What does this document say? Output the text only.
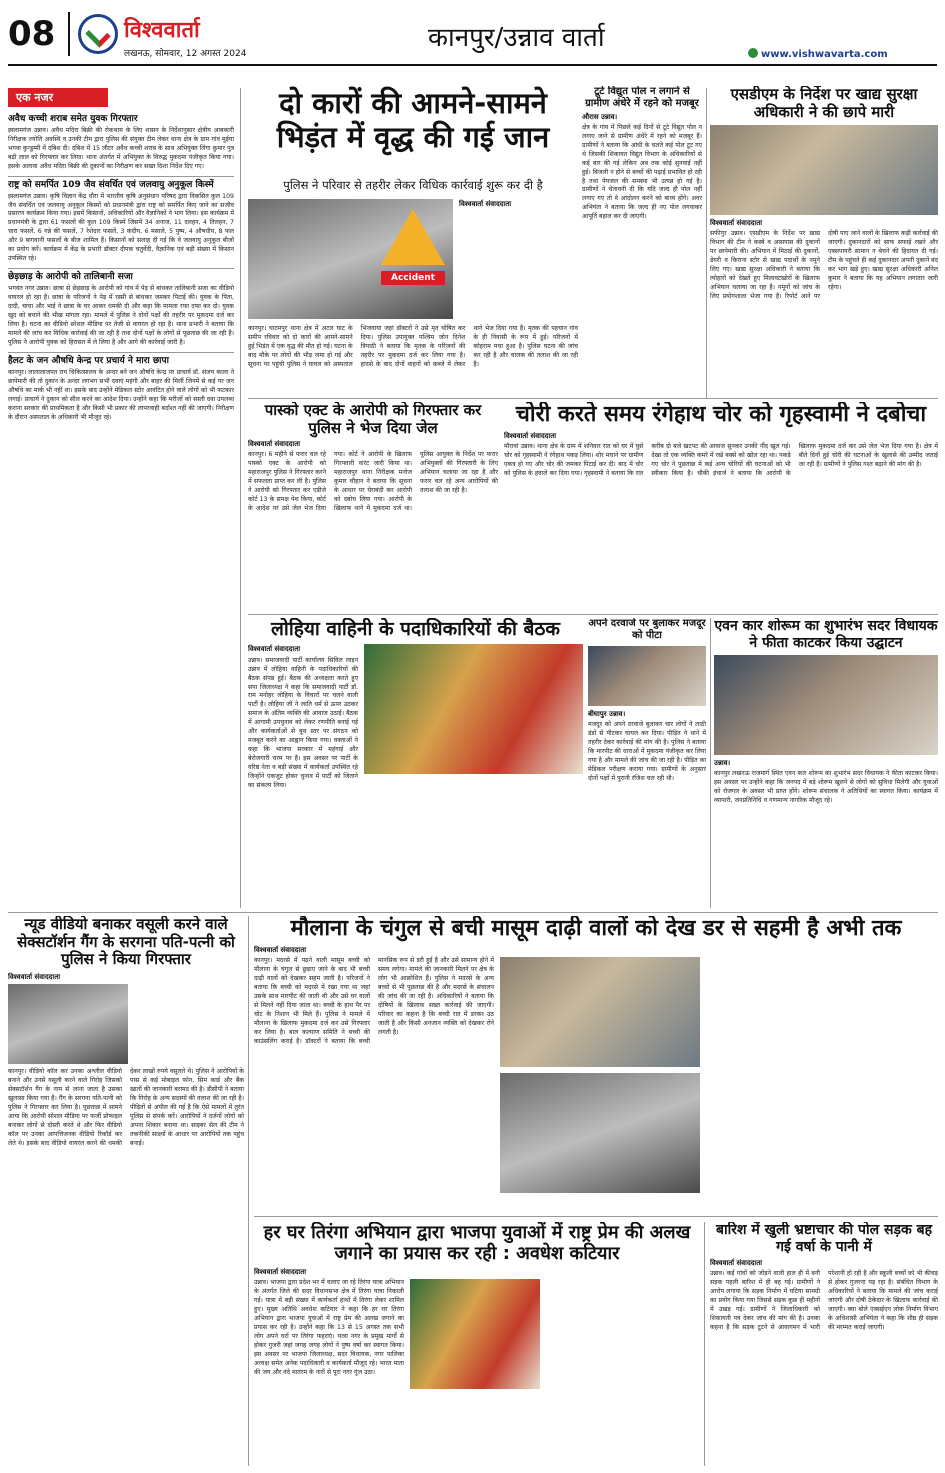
08	विश्ववार्ता
लखनऊ, सोमवार, 12 अगस्त 2024
कानपुर/उन्नाव वार्ता
www.vishwavarta.com
एक नजर
अवैध कच्ची शराब समेत युवक गिरफ्तार
इस्लामगंज उन्नाव। अवैध मदिरा बिक्री की रोकथाम के लिए शासन के निर्देशानुसार क्षेत्रीय आबकारी निरीक्षक ज्योति अवस्थि व उनकी टीम द्वारा पुलिस की संयुक्त टीम लेकर थाना क्षेत्र के ग्राम गांव मुईया भगवा कुन्डुम्मी में दबिश दी। दबिश में 15 लीटर अवैध कच्ची शराब के साथ अभियुक्त लिंगा कुमार पुत्र बद्री लाल को गिरफ्तार कर लिया। थाना अंतर्गत में अभियुक्त के विरुद्ध मुकदमा पंजीकृत किया गया। इसके अलावा अवैध मदिरा बिक्री की दुकानों का निरीक्षण कर सख्त दिशा निर्देश दिए गए।
राष्ट्र को समर्पित 109 जैव संवर्धित एवं जलवायु अनुकूल किस्में
इस्लामगंज उन्नाव। कृषि विज्ञान केंद्र धौरा में भारतीय कृषि अनुसंधान परिषद द्वारा विकसित कुल 109 जैव संवर्धित एवं जलवायु अनुकूल किस्मों को प्रधानमंत्री द्वारा राष्ट्र को समर्पित किए जाने का सजीव प्रसारण कार्यक्रम किया गया। इसमें किसानों, अधिकारियों और वैज्ञानिकों ने भाग लिया। इस कार्यक्रम में प्रधानमंत्री के द्वारा 61 फसलों की कुल 109 किस्में जिसमें 34 अनाज, 11 दलहन, 4 तिलहन, 7 चारा फसलें, 6 गन्ने की फसलें, 7 रेशेदार फसलें, 3 कंदीय, 6 मसाले, 5 पुष्प, 4 औषधीय, 8 फल और 9 बागवानी फसलों के बीज शामिल हैं। किसानों को सलाह दी गई कि वे जलवायु अनुकूल बीजों का प्रयोग करें। कार्यक्रम में केंद्र के प्रभारी डॉक्टर दीपक चतुर्वेदी, वैज्ञानिक एवं बड़ी संख्या में किसान उपस्थित रहे।
छेड़छाड़ के आरोपी को तालिबानी सजा
भगवंत नगर उन्नाव। छात्रा से छेड़छाड़ के आरोपी को गांव में पेड़ से बांधकर तालिबानी सजा का वीडियो वायरल हो रहा है। छात्रा के परिजनों ने पेड़ में रस्सी से बांधकर जमकर पिटाई की। युवक के पिता, दादी, चाचा और भाई ने छात्रा के घर आकर धमकी दी और कहा कि मामला रफा दफा कर दो। युवक खुद को बचाने की भीख मांगता रहा। मामले में पुलिस ने दोनों पक्षों की तहरीर पर मुकदमा दर्ज कर लिया है। घटना का वीडियो सोशल मीडिया पर तेजी से वायरल हो रहा है। थाना प्रभारी ने बताया कि मामले की जांच कर विधिक कार्रवाई की जा रही है तथा दोनों पक्षों के लोगों से पूछताछ की जा रही है। पुलिस ने आरोपी युवक को हिरासत में ले लिया है और आगे की कार्रवाई जारी है।
हैलट के जन औषधि केन्द्र पर प्रचार्य ने मारा छापा
कानपुर। लालालाजपत राय चिकित्सालय के अन्दर बने जन औषधि केन्द्र पर प्राचार्य डॉ. संजय काला ने छापेमारी की तो दुकान के अन्दर लगभग सभी दवाएं महंगी और बाहर की मिलीं जिनमें से कई पर जन औषधि का मार्क भी नहीं था। इसके बाद उन्होंने मेडिकल स्टोर आवंटित होने वाले लोगों को भी फटकार लगाई। प्राचार्य ने दुकान को सील करने का आदेश दिया। उन्होंने कहा कि मरीजों को सस्ती दवा उपलब्ध कराना सरकार की प्राथमिकता है और किसी भी प्रकार की लापरवाही बर्दाश्त नहीं की जाएगी। निरीक्षण के दौरान अस्पताल के अधिकारी भी मौजूद रहे।
दो कारों की आमने-सामने भिड़ंत में वृद्ध की गई जान
पुलिस ने परिवार से तहरीर लेकर विधिक कार्रवाई शुरू कर दी है
Accident
विश्ववार्ता संवाददाता
कानपुर। घाटमपुर थाना क्षेत्र में अटल घाट के समीप रविवार को दो कारों की आमने-सामने हुई भिड़ंत में एक वृद्ध की मौत हो गई। घटना के बाद मौके पर लोगों की भीड़ जमा हो गई और सूचना पर पहुंची पुलिस ने घायल को अस्पताल भिजवाया जहां डॉक्टरों ने उसे मृत घोषित कर दिया। पुलिस उपायुक्त पश्चिम जोन दिनेश त्रिपाठी ने बताया कि मृतक के परिजनों की तहरीर पर मुकदमा दर्ज कर लिया गया है। हादसे के बाद दोनों वाहनों को कब्जे में लेकर थाने भेज दिया गया है। मृतक की पहचान गांव के ही निवासी के रूप में हुई। परिजनों में कोहराम मचा हुआ है। पुलिस घटना की जांच कर रही है और चालक की तलाश की जा रही है।
टूटे विद्युत पोल न लगाने से ग्रामीण अंधेरे में रहने को मजबूर
औरास उन्नाव।
क्षेत्र के गांव में पिछले कई दिनों से टूटे विद्युत पोल न लगाए जाने से ग्रामीण अंधेरे में रहने को मजबूर हैं। ग्रामीणों ने बताया कि आंधी के चलते कई पोल टूट गए थे जिसकी शिकायत विद्युत विभाग के अधिकारियों से कई बार की गई लेकिन अब तक कोई सुनवाई नहीं हुई। बिजली न होने से बच्चों की पढ़ाई प्रभावित हो रही है तथा पेयजल की समस्या भी उत्पन्न हो गई है। ग्रामीणों ने चेतावनी दी कि यदि जल्द ही पोल नहीं लगाए गए तो वे आंदोलन करने को बाध्य होंगे। अवर अभियंता ने बताया कि जल्द ही नए पोल लगवाकर आपूर्ति बहाल कर दी जाएगी।
एसडीएम के निर्देश पर खाद्य सुरक्षा अधिकारी ने की छापे मारी
विश्ववार्ता संवाददाता
सफीपुर उन्नाव। एसडीएम के निर्देश पर खाद्य विभाग की टीम ने कस्बे व आसपास की दुकानों पर छापेमारी की। अभियान में मिठाई की दुकानों, डेयरी व किराना स्टोर से खाद्य पदार्थों के नमूने लिए गए। खाद्य सुरक्षा अधिकारी ने बताया कि त्योहारों को देखते हुए मिलावटखोरों के खिलाफ अभियान चलाया जा रहा है। नमूनों को जांच के लिए प्रयोगशाला भेजा गया है। रिपोर्ट आने पर दोषी पाए जाने वालों के खिलाफ कड़ी कार्रवाई की जाएगी। दुकानदारों को साफ सफाई रखने और एक्सपायरी सामान न बेचने की हिदायत दी गई। टीम के पहुंचते ही कई दुकानदार अपनी दुकानें बंद कर भाग खड़े हुए। खाद्य सुरक्षा अधिकारी अनिल कुमार ने बताया कि यह अभियान लगातार जारी रहेगा।
पास्को एक्ट के आरोपी को गिरफ्तार कर पुलिस ने भेज दिया जेल
विश्ववार्ता संवाददाता
कानपुर। 6 महीने से फरार चल रहे पास्को एक्ट के आरोपी को महाराजपुर पुलिस ने गिरफ्तार करने में सफलता प्राप्त कर ली है। पुलिस ने आरोपी को गिरफ्तार कर एडीजे कोर्ट 13 के समक्ष पेश किया, कोर्ट के आदेश पर उसे जेल भेज दिया गया। कोर्ट ने आरोपी के खिलाफ गिरफ्तारी वारंट जारी किया था। महाराजपुर थाना निरीक्षक मनोज कुमार चौहान ने बताया कि सूचना के आधार पर घेराबंदी कर आरोपी को दबोच लिया गया। आरोपी के खिलाफ थाने में मुकदमा दर्ज था। पुलिस आयुक्त के निर्देश पर फरार अभियुक्तों की गिरफ्तारी के लिए अभियान चलाया जा रहा है और फरार चल रहे अन्य आरोपियों की तलाश की जा रही है।
चोरी करते समय रंगेहाथ चोर को गृहस्वामी ने दबोचा
विश्ववार्ता संवाददाता
मौरावां उन्नाव। थाना क्षेत्र के ग्राम में शनिवार रात को घर में घुसे चोर को गृहस्वामी ने रंगेहाथ पकड़ लिया। शोर मचाने पर ग्रामीण एकत्र हो गए और चोर की जमकर पिटाई कर दी। बाद में चोर को पुलिस के हवाले कर दिया गया। गृहस्वामी ने बताया कि रात करीब दो बजे खटपट की आवाज सुनकर उनकी नींद खुल गई। देखा तो एक व्यक्ति कमरे में रखे बक्से को खोल रहा था। पकड़े गए चोर ने पूछताछ में कई अन्य चोरियों की घटनाओं को भी स्वीकार किया है। चौकी इंचार्ज ने बताया कि आरोपी के खिलाफ मुकदमा दर्ज कर उसे जेल भेज दिया गया है। क्षेत्र में बीते दिनों हुई चोरी की घटनाओं के खुलासे की उम्मीद जताई जा रही है। ग्रामीणों ने पुलिस गश्त बढ़ाने की मांग की है।
लोहिया वाहिनी के पदाधिकारियों की बैठक
विश्ववार्ता संवाददाता
उन्नाव। समाजवादी पार्टी कार्यालय सिविल लाइन उन्नाव में लोहिया वाहिनी के पदाधिकारियों की बैठक संपन्न हुई। बैठक की अध्यक्षता करते हुए सपा जिलाध्यक्ष ने कहा कि समाजवादी पार्टी डॉ. राम मनोहर लोहिया के विचारों पर चलने वाली पार्टी है। लोहिया जी ने जाति धर्म से ऊपर उठकर समाज के अंतिम व्यक्ति की आवाज उठाई। बैठक में आगामी उपचुनाव को लेकर रणनीति बनाई गई और कार्यकर्ताओं से बूथ स्तर पर संगठन को मजबूत करने का आह्वान किया गया। वक्ताओं ने कहा कि भाजपा सरकार में महंगाई और बेरोजगारी चरम पर है। इस अवसर पर पार्टी के वरिष्ठ नेता व बड़ी संख्या में कार्यकर्ता उपस्थित रहे जिन्होंने एकजुट होकर चुनाव में पार्टी को जिताने का संकल्प लिया।
अपने दरवाजे पर बुलाकर मजदूर को पीटा
बीघापुर उन्नाव।
मजदूर को अपने दरवाजे बुलाकर चार लोगों ने लाठी डंडों से पीटकर घायल कर दिया। पीड़ित ने थाने में तहरीर देकर कार्रवाई की मांग की है। पुलिस ने बताया कि मारपीट की धाराओं में मुकदमा पंजीकृत कर लिया गया है और मामले की जांच की जा रही है। पीड़ित का मेडिकल परीक्षण कराया गया। ग्रामीणों के अनुसार दोनों पक्षों में पुरानी रंजिश चल रही थी।
एवन कार शोरूम का शुभारंभ सदर विधायक ने फीता काटकर किया उद्घाटन
उन्नाव।
कानपुर लखनऊ राजमार्ग स्थित एवन कार शोरूम का शुभारंभ सदर विधायक ने फीता काटकर किया। इस अवसर पर उन्होंने कहा कि जनपद में बड़े शोरूम खुलने से लोगों को सुविधा मिलेगी और युवाओं को रोजगार के अवसर भी प्राप्त होंगे। शोरूम संचालक ने अतिथियों का स्वागत किया। कार्यक्रम में व्यापारी, जनप्रतिनिधि व गणमान्य नागरिक मौजूद रहे।
न्यूड वीडियो बनाकर वसूली करने वाले सेक्सटॉर्शन गैंग के सरगना पति-पत्नी को पुलिस ने किया गिरफ्तार
विश्ववार्ता संवाददाता
कानपुर। वीडियो कॉल कर उनका अश्लील वीडियो बनाने और उनसे वसूली करने वाले गिरोह जिसको सेक्सटॉर्शन गैंग के नाम से जाना जाता है उसका खुलासा किया गया है। गैंग के सरगना पति-पत्नी को पुलिस ने गिरफ्तार कर लिया है। पूछताछ में सामने आया कि आरोपी सोशल मीडिया पर फर्जी प्रोफाइल बनाकर लोगों से दोस्ती करते थे और फिर वीडियो कॉल पर उनका आपत्तिजनक वीडियो रिकॉर्ड कर लेते थे। इसके बाद वीडियो वायरल करने की धमकी देकर लाखों रुपये वसूलते थे। पुलिस ने आरोपियों के पास से कई मोबाइल फोन, सिम कार्ड और बैंक खातों की जानकारी बरामद की है। डीसीपी ने बताया कि गिरोह के अन्य सदस्यों की तलाश की जा रही है। पीड़ितों से अपील की गई है कि ऐसे मामलों में तुरंत पुलिस से संपर्क करें। आरोपियों ने दर्जनों लोगों को अपना शिकार बनाया था। साइबर सेल की टीम ने तकनीकी साक्ष्यों के आधार पर आरोपियों तक पहुंच बनाई।
मौलाना के चंगुल से बची मासूम दाढ़ी वालों को देख डर से सहमी है अभी तक
विश्ववार्ता संवाददाता
कानपुर। मदरसे में पढ़ने वाली मासूम बच्ची को मौलाना के चंगुल से छुड़ाए जाने के बाद भी बच्ची दाढ़ी वालों को देखकर सहम जाती है। परिजनों ने बताया कि बच्ची को मदरसे में रखा गया था जहां उसके साथ मारपीट की जाती थी और उसे घर वालों से मिलने नहीं दिया जाता था। बच्ची के हाथ पैर पर चोट के निशान भी मिले हैं। पुलिस ने मामले में मौलाना के खिलाफ मुकदमा दर्ज कर उसे गिरफ्तार कर लिया है। बाल कल्याण समिति ने बच्ची की काउंसलिंग कराई है। डॉक्टरों ने बताया कि बच्ची मानसिक रूप से डरी हुई है और उसे सामान्य होने में समय लगेगा। मामले की जानकारी मिलने पर क्षेत्र के लोग भी आक्रोशित हैं। पुलिस ने मदरसे के अन्य बच्चों से भी पूछताछ की है और मदरसे के संचालन की जांच की जा रही है। अधिकारियों ने बताया कि दोषियों के खिलाफ सख्त कार्रवाई की जाएगी। परिवार का कहना है कि बच्ची रात में डरकर उठ जाती है और किसी अनजान व्यक्ति को देखकर रोने लगती है।
हर घर तिरंगा अभियान द्वारा भाजपा युवाओं में राष्ट्र प्रेम की अलख जगाने का प्रयास कर रही : अवधेश कटियार
विश्ववार्ता संवाददाता
उन्नाव। भाजपा द्वारा प्रदेश भर में चलाए जा रहे तिरंगा यात्रा अभियान के अंतर्गत जिले की सदर विधानसभा क्षेत्र में तिरंगा यात्रा निकाली गई। यात्रा में बड़ी संख्या में कार्यकर्ता हाथों में तिरंगा लेकर शामिल हुए। मुख्य अतिथि अवधेश कटियार ने कहा कि हर घर तिरंगा अभियान द्वारा भाजपा युवाओं में राष्ट्र प्रेम की अलख जगाने का प्रयास कर रही है। उन्होंने कहा कि 13 से 15 अगस्त तक सभी लोग अपने घरों पर तिरंगा फहराएं। यात्रा नगर के प्रमुख मार्गों से होकर गुजरी जहां जगह जगह लोगों ने पुष्प वर्षा कर स्वागत किया। इस अवसर पर भाजपा जिलाध्यक्ष, सदर विधायक, नगर पालिका अध्यक्ष समेत अनेक पदाधिकारी व कार्यकर्ता मौजूद रहे। भारत माता की जय और वंदे मातरम के नारों से पूरा नगर गूंज उठा।
बारिश में खुली भ्रष्टाचार की पोल सड़क बह गई वर्षा के पानी में
विश्ववार्ता संवाददाता
उन्नाव। कई गांवों को जोड़ने वाली हाल ही में बनी सड़क पहली बारिश में ही बह गई। ग्रामीणों ने आरोप लगाया कि सड़क निर्माण में घटिया सामग्री का प्रयोग किया गया जिससे सड़क कुछ ही महीनों में उखड़ गई। ग्रामीणों ने जिलाधिकारी को शिकायती पत्र देकर जांच की मांग की है। उनका कहना है कि सड़क टूटने से आवागमन में भारी परेशानी हो रही है और स्कूली बच्चों को भी कीचड़ से होकर गुजरना पड़ रहा है। संबंधित विभाग के अधिकारियों ने बताया कि मामले की जांच कराई जाएगी और दोषी ठेकेदार के खिलाफ कार्रवाई की जाएगी। क्या बोले एक्सईएन लोक निर्माण विभाग के अधिशासी अभियंता ने कहा कि शीघ्र ही सड़क की मरम्मत कराई जाएगी।
